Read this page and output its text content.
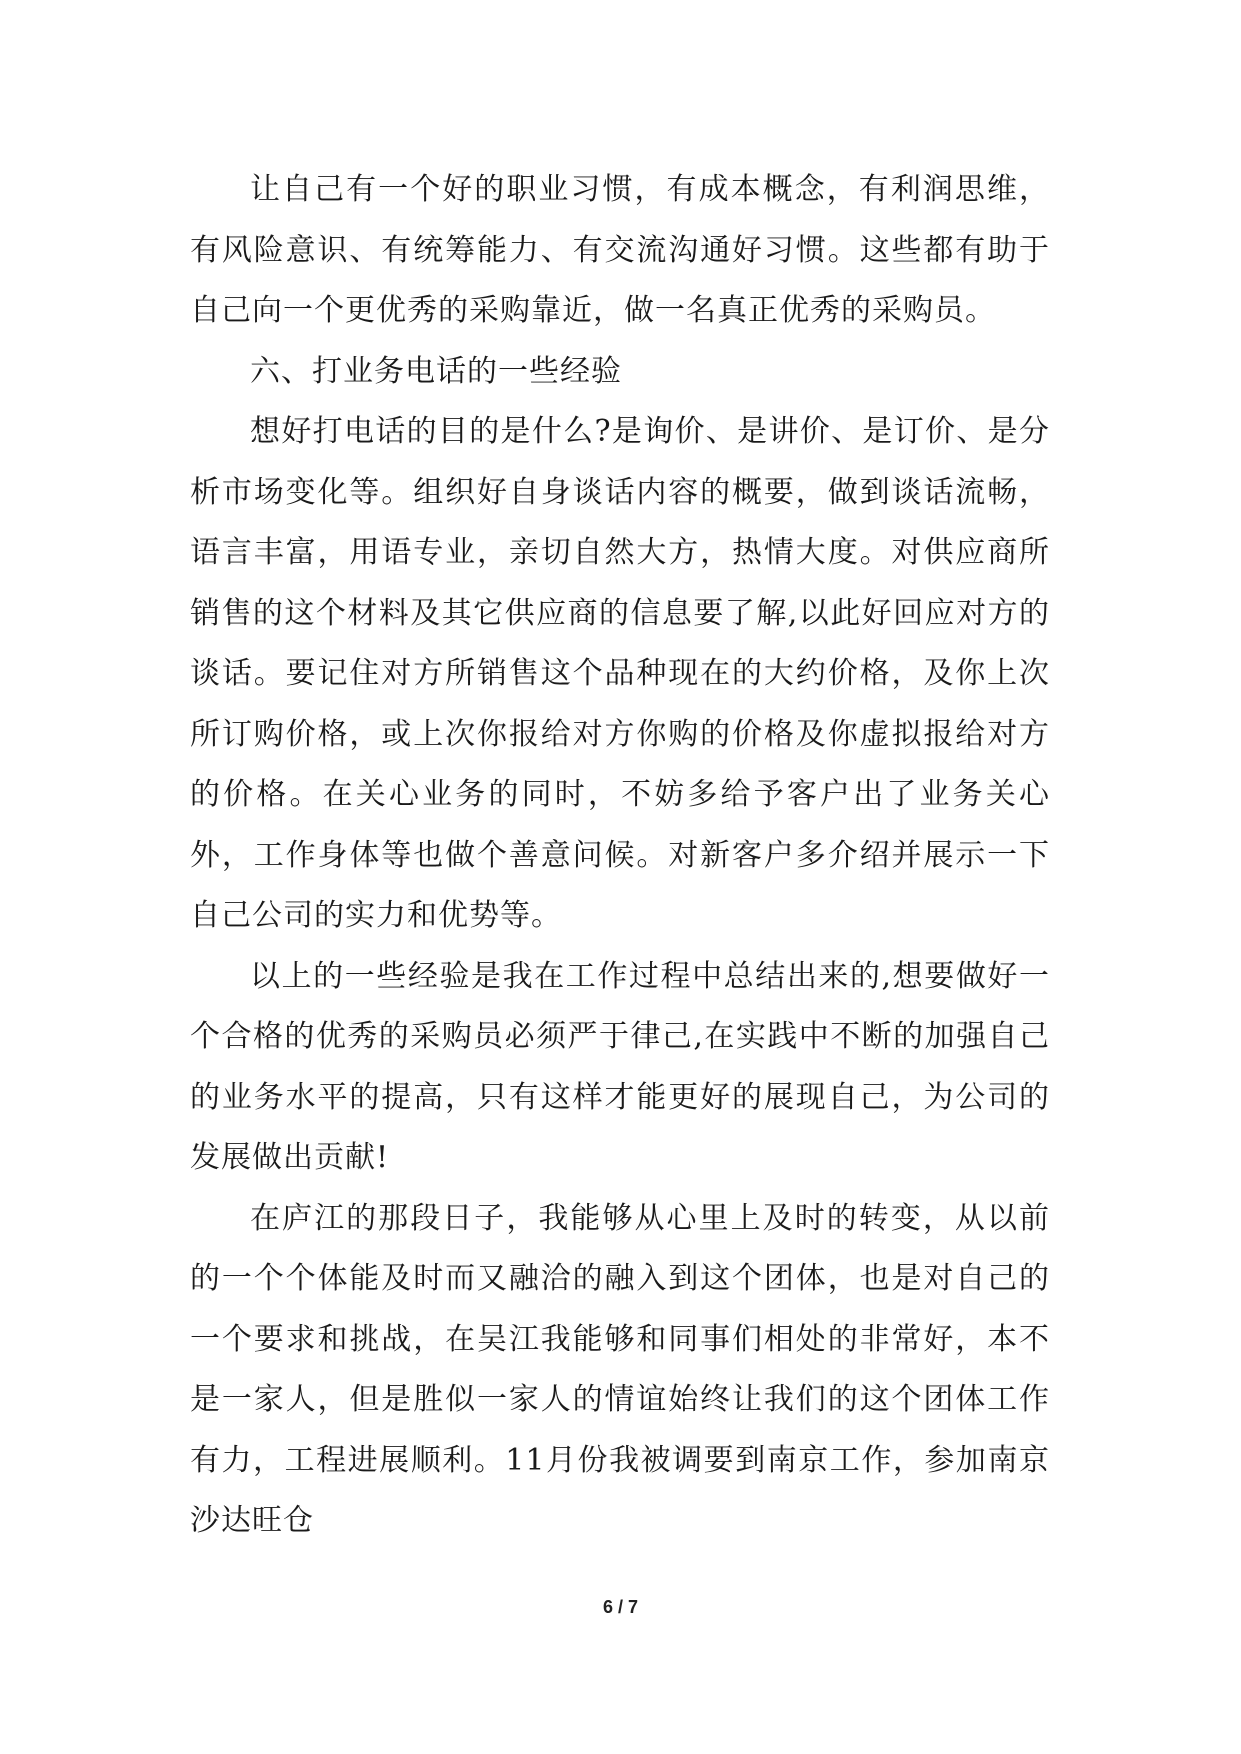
让自己有一个好的职业习惯，有成本概念，有利润思维，有风险意识、有统筹能力、有交流沟通好习惯。这些都有助于自己向一个更优秀的采购靠近，做一名真正优秀的采购员。

六、打业务电话的一些经验

想好打电话的目的是什么?是询价、是讲价、是订价、是分析市场变化等。组织好自身谈话内容的概要，做到谈话流畅，语言丰富，用语专业，亲切自然大方，热情大度。对供应商所销售的这个材料及其它供应商的信息要了解,以此好回应对方的谈话。要记住对方所销售这个品种现在的大约价格，及你上次所订购价格，或上次你报给对方你购的价格及你虚拟报给对方的价格。在关心业务的同时，不妨多给予客户出了业务关心外，工作身体等也做个善意问候。对新客户多介绍并展示一下自己公司的实力和优势等。

以上的一些经验是我在工作过程中总结出来的,想要做好一个合格的优秀的采购员必须严于律己,在实践中不断的加强自己的业务水平的提高，只有这样才能更好的展现自己，为公司的发展做出贡献!

在庐江的那段日子，我能够从心里上及时的转变，从以前的一个个体能及时而又融洽的融入到这个团体，也是对自己的一个要求和挑战，在吴江我能够和同事们相处的非常好，本不是一家人，但是胜似一家人的情谊始终让我们的这个团体工作有力，工程进展顺利。11月份我被调要到南京工作，参加南京沙达旺仓

6 / 7
